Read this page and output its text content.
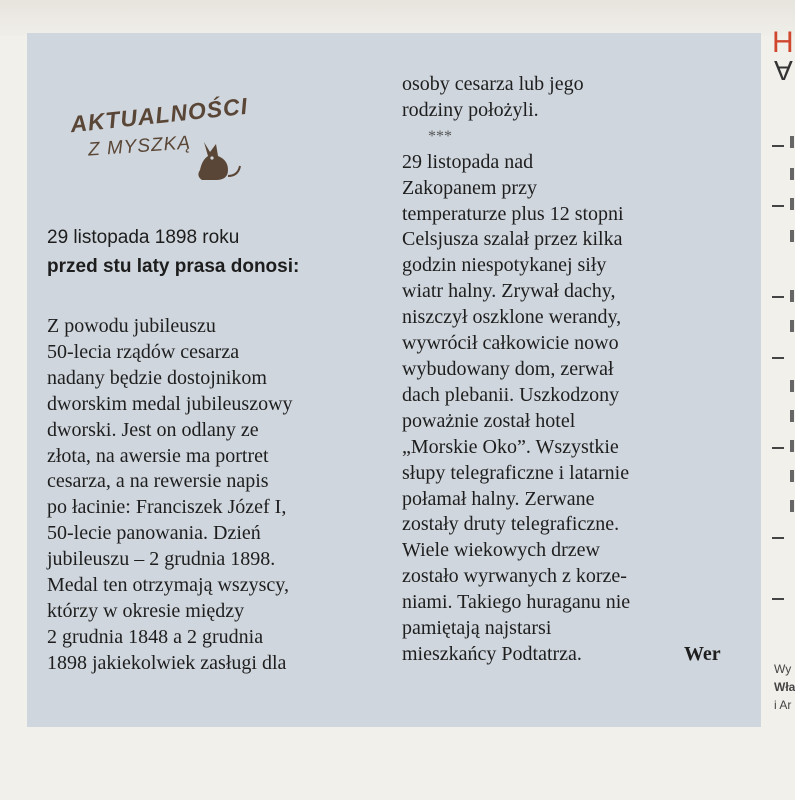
AKTUALNOŚCI
Z MYSZKĄ
29 listopada 1898 roku
przed stu laty prasa donosi:
Z powodu jubileuszu
50-lecia rządów cesarza
nadany będzie dostojnikom
dworskim medal jubileuszowy
dworski. Jest on odlany ze
złota, na awersie ma portret
cesarza, a na rewersie napis
po łacinie: Franciszek Józef I,
50-lecie panowania. Dzień
jubileuszu – 2 grudnia 1898.
Medal ten otrzymają wszyscy,
którzy w okresie między
2 grudnia 1848 a 2 grudnia
1898 jakiekolwiek zasługi dla
osoby cesarza lub jego
rodziny położyli.
***
29 listopada nad
Zakopanem przy
temperaturze plus 12 stopni
Celsjusza szalał przez kilka
godzin niespotykanej siły
wiatr halny. Zrywał dachy,
niszczył oszklone werandy,
wywrócił całkowicie nowo
wybudowany dom, zerwał
dach plebanii. Uszkodzony
poważnie został hotel
„Morskie Oko”. Wszystkie
słupy telegraficzne i latarnie
połamał halny. Zerwane
zostały druty telegraficzne.
Wiele wiekowych drzew
zostało wyrwanych z korze-
niami. Takiego huraganu nie
pamiętają najstarsi
mieszkańcy Podtatrza.	Wer
H
A
Wy
Wła
i Ar
